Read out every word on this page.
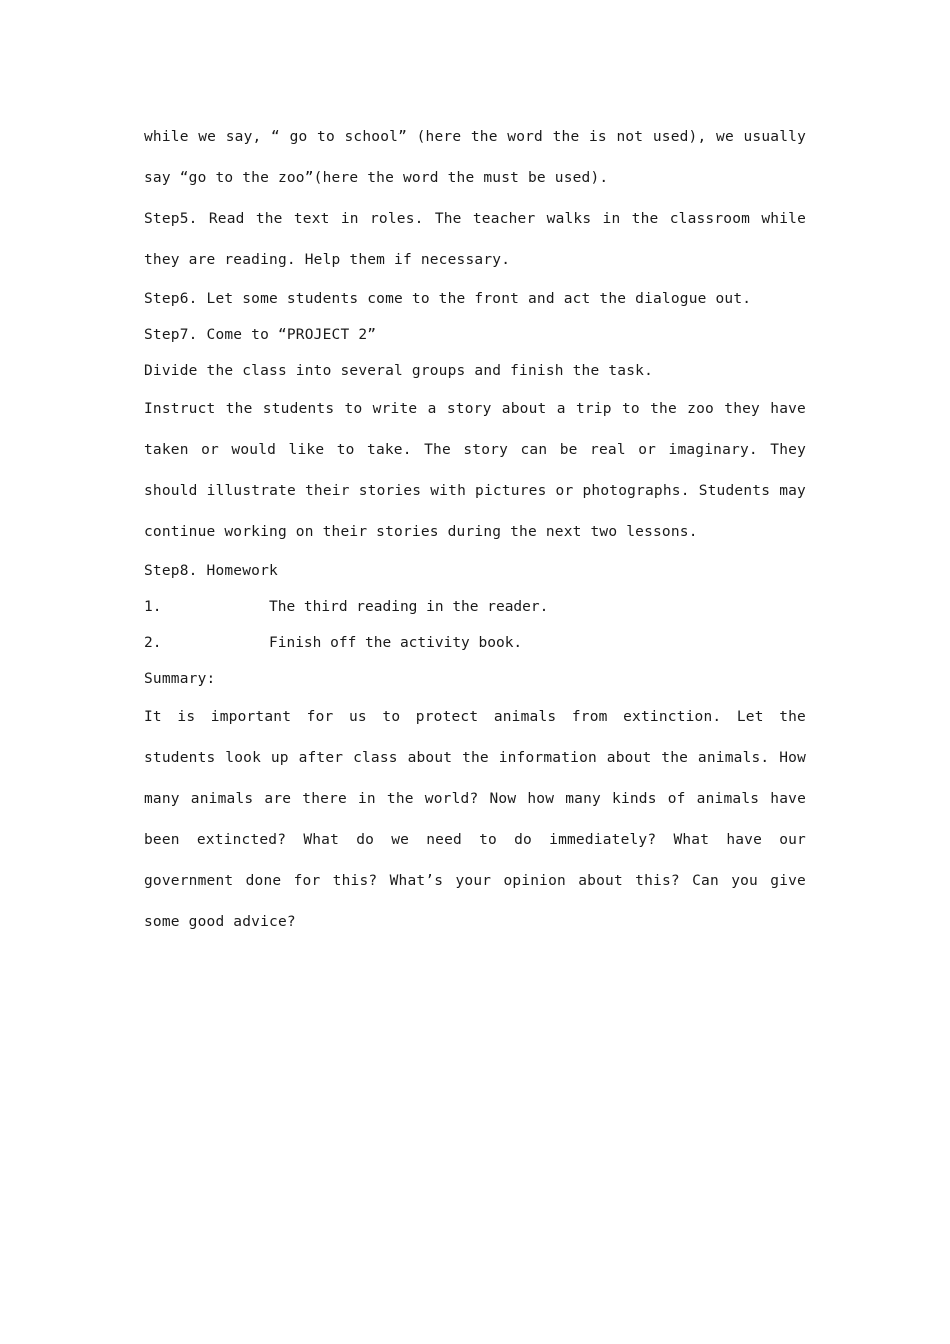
while we say, “ go to school” (here the word the is not used), we usually say “go to the zoo”(here the word the must be used).

Step5. Read the text in roles. The teacher walks in the classroom while they are reading. Help them if necessary.

Step6. Let some students come to the front and act the dialogue out.

Step7. Come to “PROJECT 2”

Divide the class into several groups and finish the task.

Instruct the students to write a story about a trip to the zoo they have taken or would like to take. The story can be real or imaginary. They should illustrate their stories with pictures or photographs. Students may continue working on their stories during the next two lessons.

Step8. Homework

1.	The third reading in the reader.
2.	Finish off the activity book.

Summary:

It is important for us to protect animals from extinction. Let the students look up after class about the information about the animals. How many animals are there in the world? Now how many kinds of animals have been extincted? What do we need to do immediately? What have our government done for this? What’s your opinion about this? Can you give some good advice?
